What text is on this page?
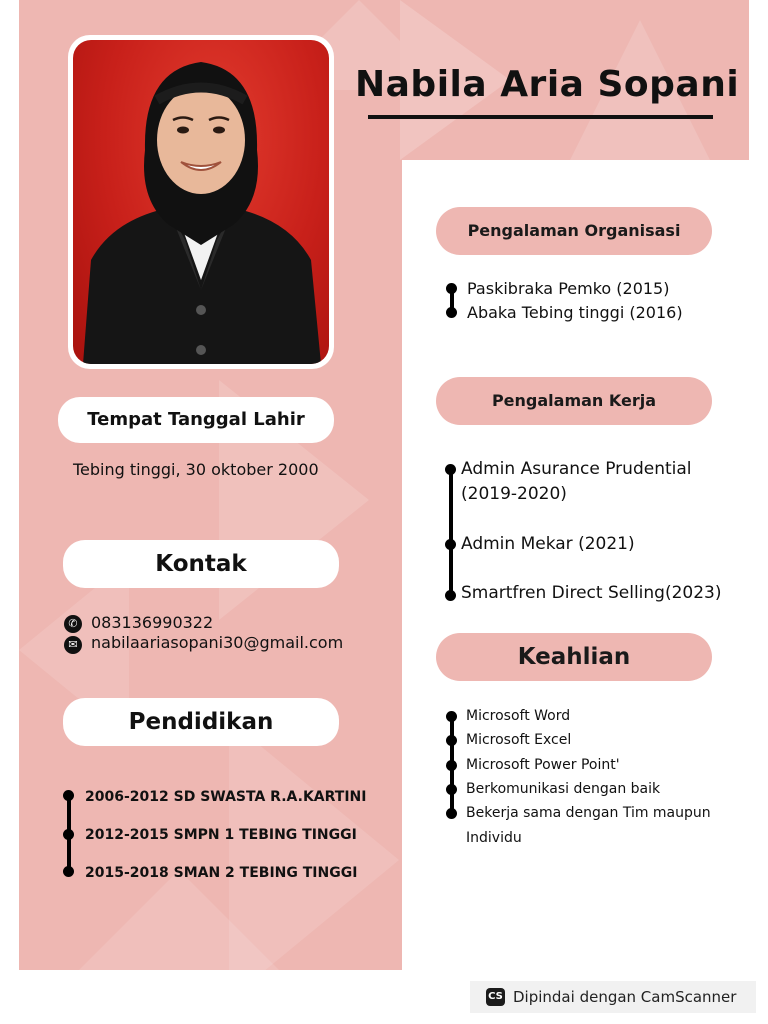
Nabila Aria Sopani
Tempat Tanggal Lahir
Tebing tinggi, 30 oktober 2000
Kontak
✆ 083136990322
✉ nabilaariasopani30@gmail.com
Pendidikan
2006-2012 SD SWASTA R.A.KARTINI
2012-2015 SMPN 1 TEBING TINGGI
2015-2018 SMAN 2 TEBING TINGGI
Pengalaman Organisasi
Paskibraka Pemko (2015)
Abaka Tebing tinggi (2016)
Pengalaman Kerja
Admin Asurance Prudential
(2019-2020)
Admin Mekar (2021)
Smartfren Direct Selling(2023)
Keahlian
Microsoft Word
Microsoft Excel
Microsoft Power Point'
Berkomunikasi dengan baik
Bekerja sama dengan Tim maupun
Individu
CS Dipindai dengan CamScanner
